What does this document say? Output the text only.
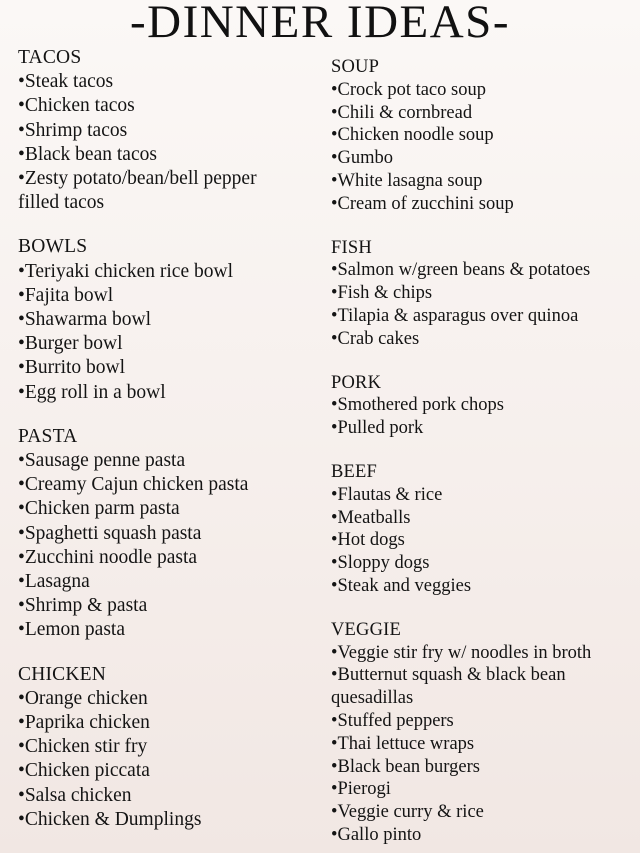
-DINNER IDEAS-
TACOS
•Steak tacos
•Chicken tacos
•Shrimp tacos
•Black bean tacos
•Zesty potato/bean/bell pepper
filled tacos
BOWLS
•Teriyaki chicken rice bowl
•Fajita bowl
•Shawarma bowl
•Burger bowl
•Burrito bowl
•Egg roll in a bowl
PASTA
•Sausage penne pasta
•Creamy Cajun chicken pasta
•Chicken parm pasta
•Spaghetti squash pasta
•Zucchini noodle pasta
•Lasagna
•Shrimp & pasta
•Lemon pasta
CHICKEN
•Orange chicken
•Paprika chicken
•Chicken stir fry
•Chicken piccata
•Salsa chicken
•Chicken & Dumplings
SOUP
•Crock pot taco soup
•Chili & cornbread
•Chicken noodle soup
•Gumbo
•White lasagna soup
•Cream of zucchini soup
FISH
•Salmon w/green beans & potatoes
•Fish & chips
•Tilapia & asparagus over quinoa
•Crab cakes
PORK
•Smothered pork chops
•Pulled pork
BEEF
•Flautas & rice
•Meatballs
•Hot dogs
•Sloppy dogs
•Steak and veggies
VEGGIE
•Veggie stir fry w/ noodles in broth
•Butternut squash & black bean
quesadillas
•Stuffed peppers
•Thai lettuce wraps
•Black bean burgers
•Pierogi
•Veggie curry & rice
•Gallo pinto
